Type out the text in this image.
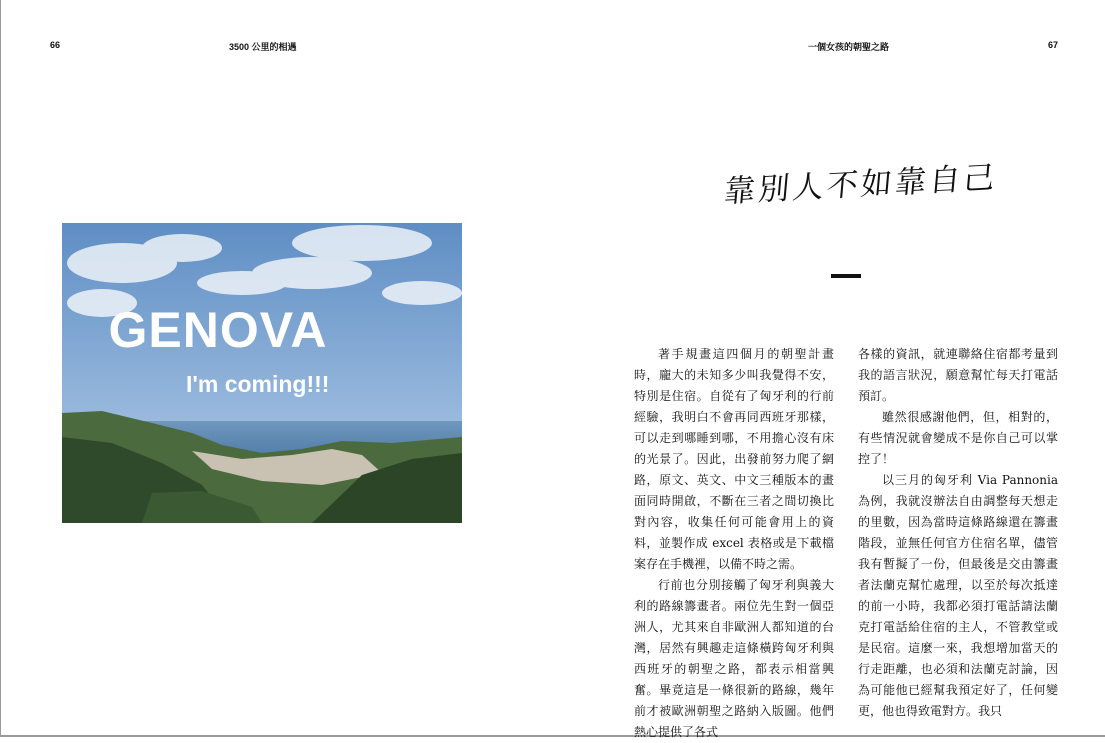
66	3500 公里的相遇	一個女孩的朝聖之路	67
GENOVA
I'm coming!!!
靠別人不如靠自己

著手規畫這四個月的朝聖計畫時，龐大的未知多少叫我覺得不安，特別是住宿。自從有了匈牙利的行前經驗，我明白不會再同西班牙那樣，可以走到哪睡到哪，不用擔心沒有床的光景了。因此，出發前努力爬了網路，原文、英文、中文三種版本的畫面同時開啟，不斷在三者之間切換比對內容，收集任何可能會用上的資料，並製作成 excel 表格或是下載檔案存在手機裡，以備不時之需。

行前也分別接觸了匈牙利與義大利的路線籌畫者。兩位先生對一個亞洲人，尤其來自非歐洲人都知道的台灣，居然有興趣走這條橫跨匈牙利與西班牙的朝聖之路，都表示相當興奮。畢竟這是一條很新的路線，幾年前才被歐洲朝聖之路納入版圖。他們熱心提供了各式

各樣的資訊，就連聯絡住宿都考量到我的語言狀況，願意幫忙每天打電話預訂。

雖然很感謝他們，但，相對的，有些情況就會變成不是你自己可以掌控了！

以三月的匈牙利 Via Pannonia 為例，我就沒辦法自由調整每天想走的里數，因為當時這條路線還在籌畫階段，並無任何官方住宿名單，儘管我有暫擬了一份，但最後是交由籌畫者法蘭克幫忙處理，以至於每次抵達的前一小時，我都必須打電話請法蘭克打電話給住宿的主人，不管教堂或是民宿。這麼一來，我想增加當天的行走距離，也必須和法蘭克討論，因為可能他已經幫我預定好了，任何變更，他也得致電對方。我只
